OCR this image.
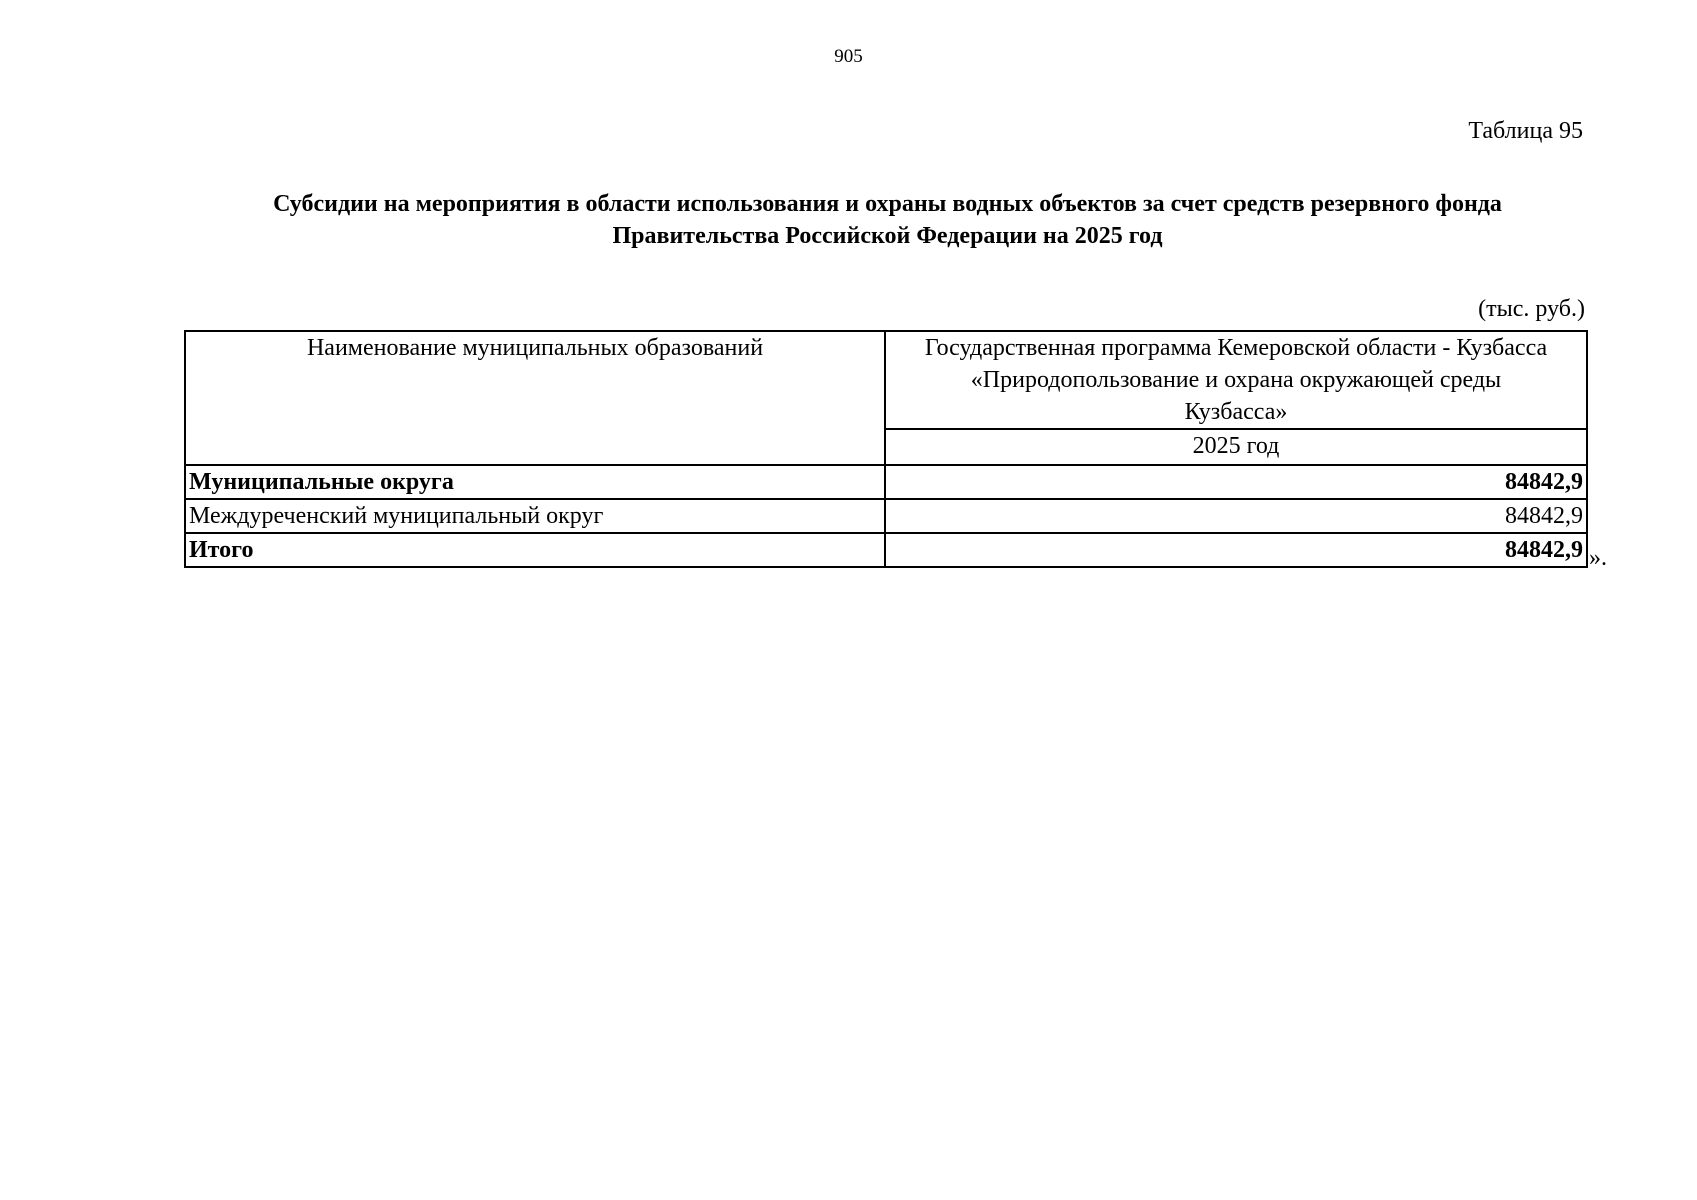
905
Таблица 95
Субсидии на мероприятия в области использования и охраны водных объектов за счет средств резервного фонда
Правительства Российской Федерации на 2025 год
(тыс. руб.)
Наименование муниципальных образований	Государственная программа Кемеровской области - Кузбасса
«Природопользование и охрана окружающей среды
Кузбасса»

	2025 год
Муниципальные округа	84842,9
Междуреченский муниципальный округ	84842,9
Итого	84842,9 ».
